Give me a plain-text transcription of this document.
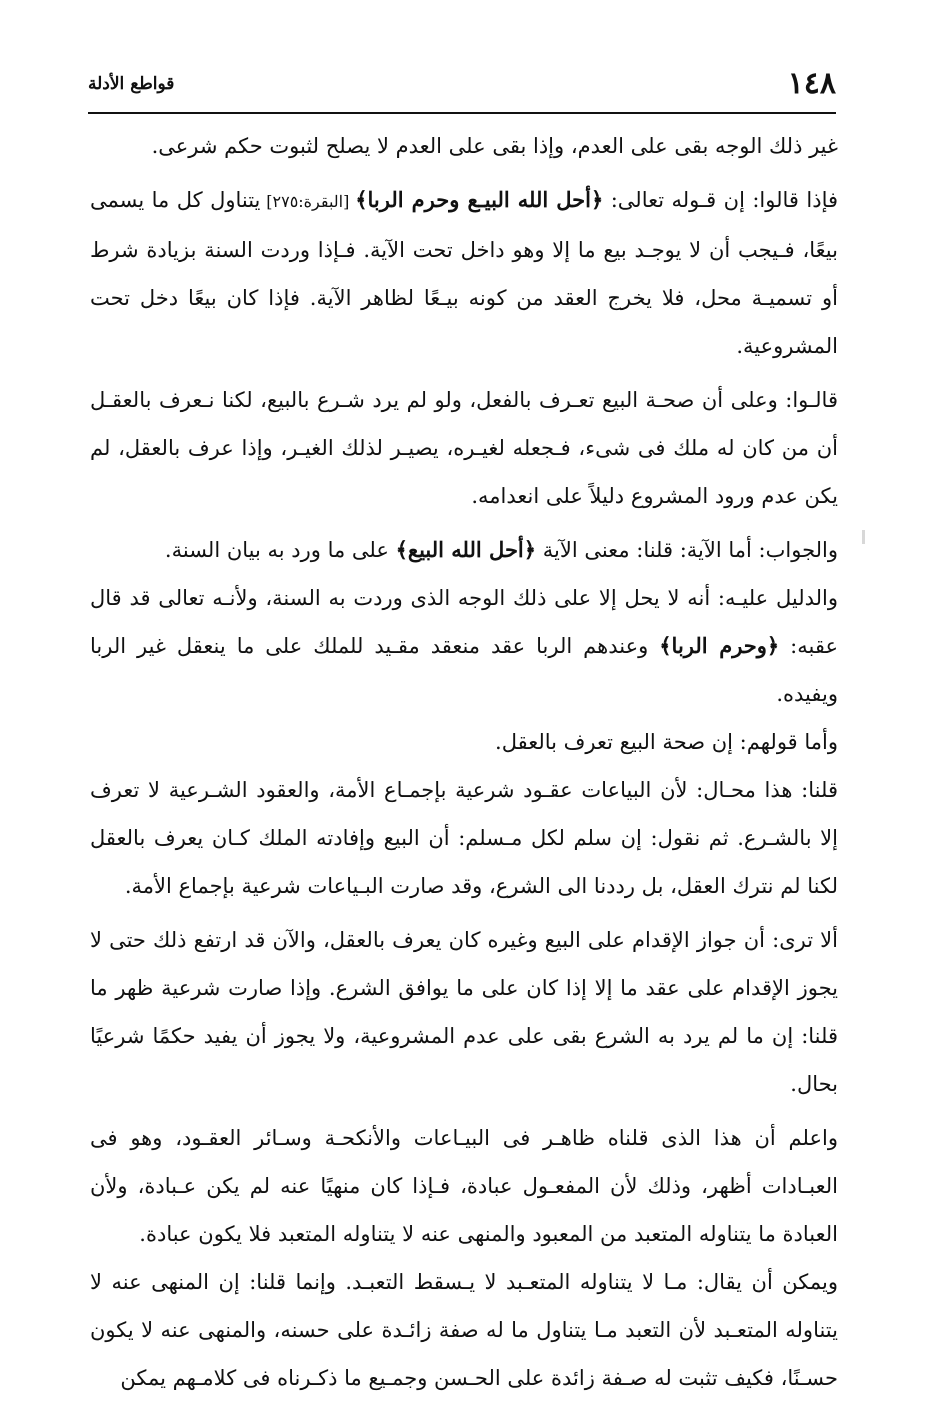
١٤٨
قواطع الأدلة

غير ذلك الوجه بقى على العدم، وإذا بقى على العدم لا يصلح لثبوت حكم شرعى.

فإذا قالوا: إن قـوله تعالى: ﴿أحل الله البيـع وحرم الربا﴾ [البقرة:٢٧٥] يتناول كل ما يسمى بيعًا، فـيجب أن لا يوجـد بيع ما إلا وهو داخل تحت الآية. فـإذا وردت السنة بزيادة شرط أو تسميـة محل، فلا يخرج العقد من كونه بيـعًا لظاهر الآية. فإذا كان بيعًا دخل تحت المشروعية.

قالـوا: وعلى أن صحـة البيع تعـرف بالفعل، ولو لم يرد شـرع بالبيع، لكنا نـعرف بالعقـل أن من كان له ملك فى شىء، فـجعله لغيـره، يصيـر لذلك الغيـر، وإذا عرف بالعقل، لم يكن عدم ورود المشروع دليلاً على انعدامه.

والجواب: أما الآية: قلنا: معنى الآية ﴿أحل الله البيع﴾ على ما ورد به بيان السنة.

والدليل عليـه: أنه لا يحل إلا على ذلك الوجه الذى وردت به السنة، ولأنـه تعالى قد قال عقبه: ﴿وحرم الربا﴾ وعندهم الربا عقد منعقد مقـيد للملك على ما ينعقل غير الربا ويفيده.

وأما قولهم: إن صحة البيع تعرف بالعقل.

قلنا: هذا محـال: لأن البياعات عقـود شرعية بإجمـاع الأمة، والعقود الشـرعية لا تعرف إلا بالشـرع. ثم نقول: إن سلم لكل مـسلم: أن البيع وإفادته الملك كـان يعرف بالعقل لكنا لم نترك العقل، بل رددنا الى الشرع، وقد صارت البـياعات شرعية بإجماع الأمة.

ألا ترى: أن جواز الإقدام على البيع وغيره كان يعرف بالعقل، والآن قد ارتفع ذلك حتى لا يجوز الإقدام على عقد ما إلا إذا كان على ما يوافق الشرع. وإذا صارت شرعية ظهر ما قلنا: إن ما لم يرد به الشرع بقى على عدم المشروعية، ولا يجوز أن يفيد حكمًا شرعيًا بحال.

واعلم أن هذا الذى قلناه ظاهـر فى البيـاعات والأنكحـة وسـائر العقـود، وهو فى العبـادات أظهر، وذلك لأن المفعـول عبادة، فـإذا كان منهيًا عنه لم يكن عـبادة، ولأن العبادة ما يتناوله المتعبد من المعبود والمنهى عنه لا يتناوله المتعبد فلا يكون عبادة.

ويمكن أن يقال: مـا لا يتناوله المتعـبد لا يـسقط التعبـد. وإنما قلنا: إن المنهى عنه لا يتناوله المتعـبد لأن التعبد مـا يتناول ما له صفة زائـدة على حسنه، والمنهى عنه لا يكون حسـنًا، فكيف تثبت له صـفة زائدة على الحـسن وجمـيع ما ذكـرناه فى كلامـهم يمكن
